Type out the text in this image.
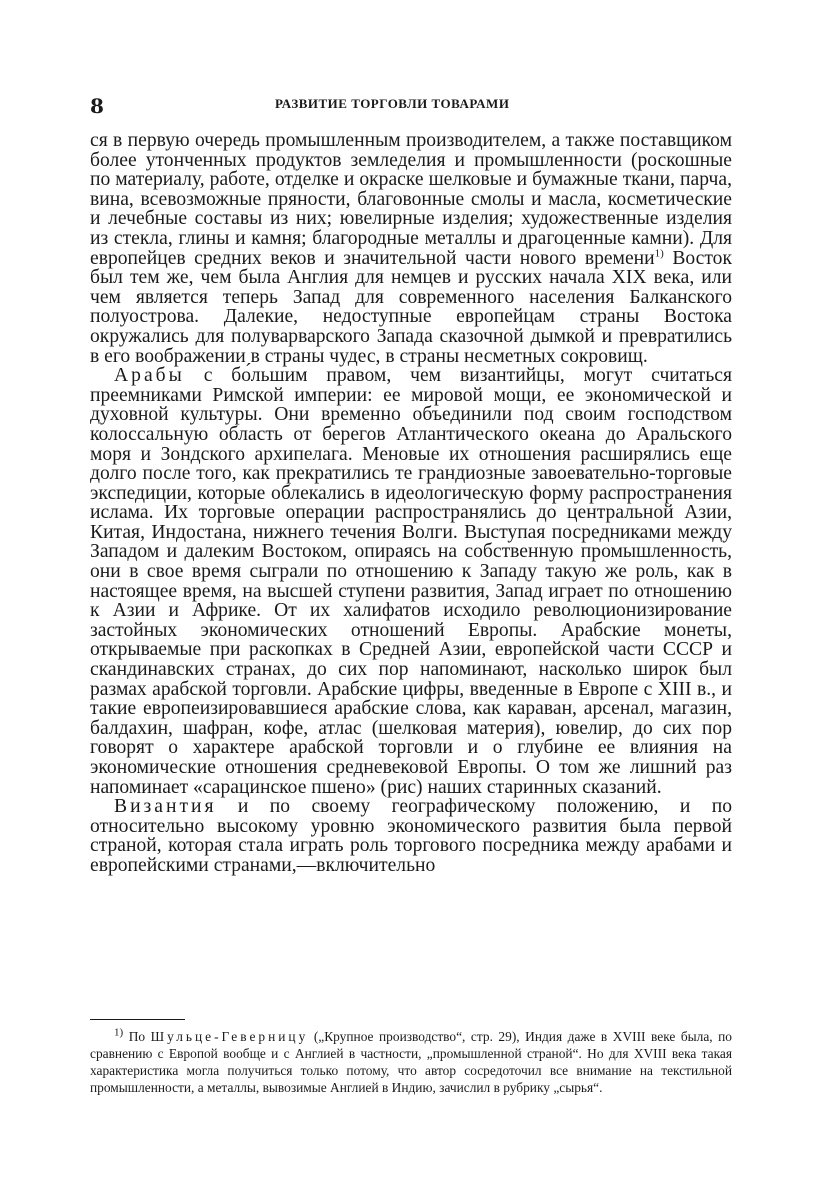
8	РАЗВИТИЕ ТОРГОВЛИ ТОВАРАМИ

ся в первую очередь промышленным производителем, а также поставщиком более утонченных продуктов земледелия и промышленности (роскошные по материалу, работе, отделке и окраске шелковые и бумажные ткани, парча, вина, всевозможные пряности, благовонные смолы и масла, косметические и лечебные составы из них; ювелирные изделия; художественные изделия из стекла, глины и камня; благородные металлы и драгоценные камни). Для европейцев средних веков и значительной части нового времени$^{1)}$ Восток был тем же, чем была Англия для немцев и русских начала XIX века, или чем является теперь Запад для современного населения Балканского полуострова. Далекие, недоступные европейцам страны Востока окружались для полуварварского Запада сказочной дымкой и превратились в его воображении в страны чудес, в страны несметных сокровищ.

Арабы с бо́льшим правом, чем византийцы, могут считаться преемниками Римской империи: ее мировой мощи, ее экономической и духовной культуры. Они временно объединили под своим господством колоссальную область от берегов Атлантического океана до Аральского моря и Зондского архипелага. Меновые их отношения расширялись еще долго после того, как прекратились те грандиозные завоевательно-торговые экспедиции, которые облекались в идеологическую форму распространения ислама. Их торговые операции распространялись до центральной Азии, Китая, Индостана, нижнего течения Волги. Выступая посредниками между Западом и далеким Востоком, опираясь на собственную промышленность, они в свое время сыграли по отношению к Западу такую же роль, как в настоящее время, на высшей ступени развития, Запад играет по отношению к Азии и Африке. От их халифатов исходило революционизирование застойных экономических отношений Европы. Арабские монеты, открываемые при раскопках в Средней Азии, европейской части СССР и скандинавских странах, до сих пор напоминают, насколько широк был размах арабской торговли. Арабские цифры, введенные в Европе с XIII в., и такие европеизировавшиеся арабские слова, как караван, арсенал, магазин, балдахин, шафран, кофе, атлас (шелковая материя), ювелир, до сих пор говорят о характере арабской торговли и о глубине ее влияния на экономические отношения средневековой Европы. О том же лишний раз напоминает «сарацинское пшено» (рис) наших старинных сказаний.

Византия и по своему географическому положению, и по относительно высокому уровню экономического развития была первой страной, которая стала играть роль торгового посредника между арабами и европейскими странами,—включительно

$^{1)}$ По Шульце-Геверницу („Крупное производство“, стр. 29), Индия даже в XVIII веке была, по сравнению с Европой вообще и с Англией в частности, „промышленной страной“. Но для XVIII века такая характеристика могла получиться только потому, что автор сосредоточил все внимание на текстильной промышленности, а металлы, вывозимые Англией в Индию, зачислил в рубрику „сырья“.
